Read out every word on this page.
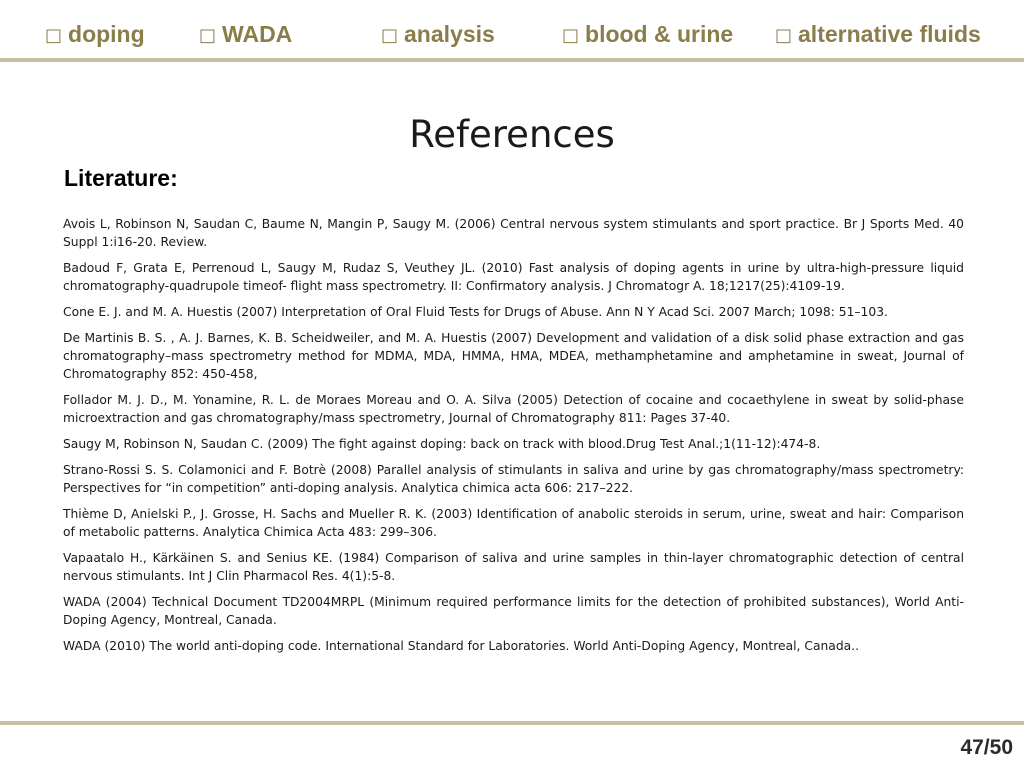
□ doping	□ WADA	□ analysis	□ blood & urine □ alternative fluids
References
Literature:

Avois L, Robinson N, Saudan C, Baume N, Mangin P, Saugy M. (2006) Central nervous system stimulants and sport practice. Br J Sports Med. 40 Suppl 1:i16-20. Review.

Badoud F, Grata E, Perrenoud L, Saugy M, Rudaz S, Veuthey JL. (2010) Fast analysis of doping agents in urine by ultra-high-pressure liquid chromatography-quadrupole timeof- flight mass spectrometry. II: Confirmatory analysis. J Chromatogr A. 18;1217(25):4109-19.

Cone E. J. and M. A. Huestis (2007) Interpretation of Oral Fluid Tests for Drugs of Abuse. Ann N Y Acad Sci. 2007 March; 1098: 51–103.

De Martinis B. S. , A. J. Barnes, K. B. Scheidweiler, and M. A. Huestis (2007) Development and validation of a disk solid phase extraction and gas chromatography–mass spectrometry method for MDMA, MDA, HMMA, HMA, MDEA, methamphetamine and amphetamine in sweat, Journal of Chromatography 852: 450-458,

Follador M. J. D., M. Yonamine, R. L. de Moraes Moreau and O. A. Silva (2005) Detection of cocaine and cocaethylene in sweat by solid-phase microextraction and gas chromatography/mass spectrometry, Journal of Chromatography 811: Pages 37-40.

Saugy M, Robinson N, Saudan C. (2009) The fight against doping: back on track with blood.Drug Test Anal.;1(11-12):474-8.

Strano-Rossi S. S. Colamonici and F. Botrè (2008) Parallel analysis of stimulants in saliva and urine by gas chromatography/mass spectrometry: Perspectives for “in competition” anti-doping analysis. Analytica chimica acta 606: 217–222.

Thième D, Anielski P., J. Grosse, H. Sachs and Mueller R. K. (2003) Identification of anabolic steroids in serum, urine, sweat and hair: Comparison of metabolic patterns. Analytica Chimica Acta 483: 299–306.

Vapaatalo H., Kärkäinen S. and Senius KE. (1984) Comparison of saliva and urine samples in thin-layer chromatographic detection of central nervous stimulants. Int J Clin Pharmacol Res. 4(1):5-8.

WADA (2004) Technical Document TD2004MRPL (Minimum required performance limits for the detection of prohibited substances), World Anti-Doping Agency, Montreal, Canada.

WADA (2010) The world anti-doping code. International Standard for Laboratories. World Anti-Doping Agency, Montreal, Canada..

47/50
